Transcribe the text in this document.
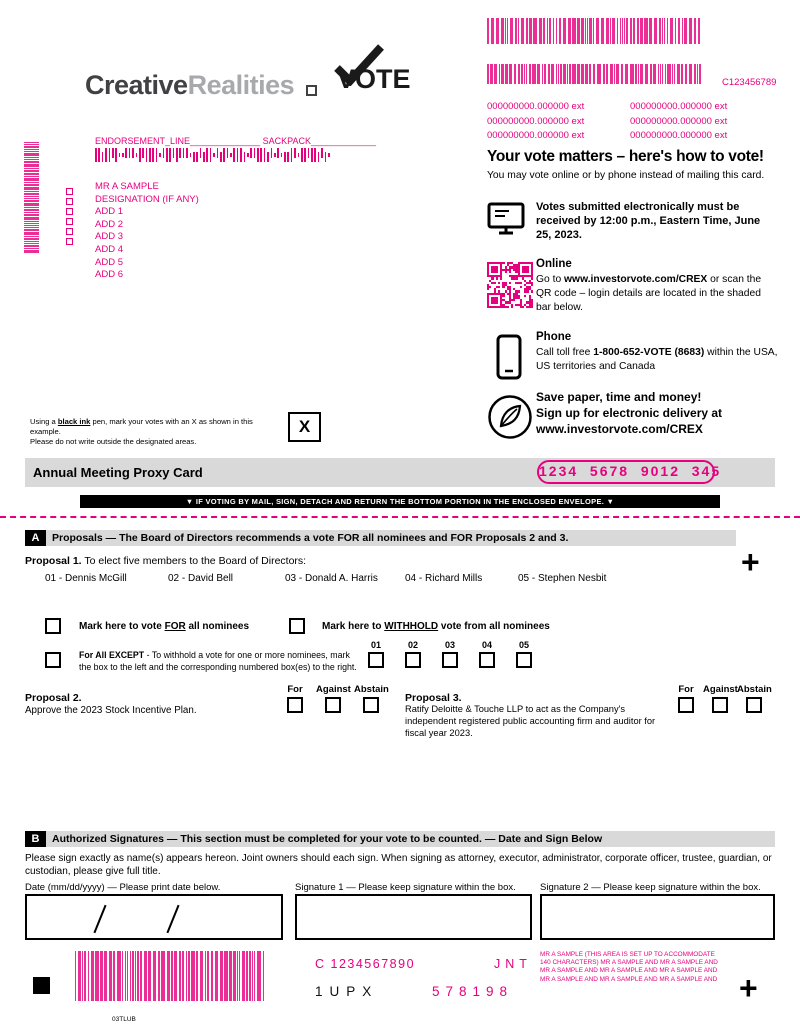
CreativeRealities VOTE	C123456789
000000000.000000 ext	000000000.000000 ext
000000000.000000 ext	000000000.000000 ext
000000000.000000 ext	000000000.000000 ext
Your vote matters – here's how to vote!
You may vote online or by phone instead of mailing this card.
Votes submitted electronically must be received by 12:00 p.m., Eastern Time, June 25, 2023.
Online
Go to www.investorvote.com/CREX or scan the QR code – login details are located in the shaded bar below.
Phone
Call toll free 1-800-652-VOTE (8683) within the USA, US territories and Canada
Save paper, time and money!
Sign up for electronic delivery at
www.investorvote.com/CREX
ENDORSEMENT_LINE______________ SACKPACK_____________
MR A SAMPLE
DESIGNATION (IF ANY)
ADD 1
ADD 2
ADD 3
ADD 4
ADD 5
ADD 6
Using a black ink pen, mark your votes with an X as shown in this example.
Please do not write outside the designated areas.
X
Annual Meeting Proxy Card	1234  5678  9012  345
▼ IF VOTING BY MAIL, SIGN, DETACH AND RETURN THE BOTTOM PORTION IN THE ENCLOSED ENVELOPE. ▼
A	Proposals — The Board of Directors recommends a vote FOR all nominees and FOR Proposals 2 and 3.
+
Proposal 1. To elect five members to the Board of Directors:
01 - Dennis McGill	02 - David Bell	03 - Donald A. Harris	04 - Richard Mills	05 - Stephen Nesbit
Mark here to vote FOR all nominees	Mark here to WITHHOLD vote from all nominees
01	02	03	04	05
For All EXCEPT - To withhold a vote for one or more nominees, mark the box to the left and the corresponding numbered box(es) to the right.
For	Against Abstain
Proposal 2.
Approve the 2023 Stock Incentive Plan.
Proposal 3.
Ratify Deloitte & Touche LLP to act as the Company's independent registered public accounting firm and auditor for fiscal year 2023.
For Against Abstain
B	Authorized Signatures — This section must be completed for your vote to be counted. — Date and Sign Below
Please sign exactly as name(s) appears hereon. Joint owners should each sign. When signing as attorney, executor, administrator, corporate officer, trustee, guardian, or custodian, please give full title.
Date (mm/dd/yyyy) — Please print date below.	Signature 1 — Please keep signature within the box.	Signature 2 — Please keep signature within the box.
C 1234567890	JNT
1UPX	578198
MR A SAMPLE (THIS AREA IS SET UP TO ACCOMMODATE
140 CHARACTERS) MR A SAMPLE AND MR A SAMPLE AND
MR A SAMPLE AND MR A SAMPLE AND MR A SAMPLE AND
MR A SAMPLE AND MR A SAMPLE AND MR A SAMPLE AND +
03TLUB
